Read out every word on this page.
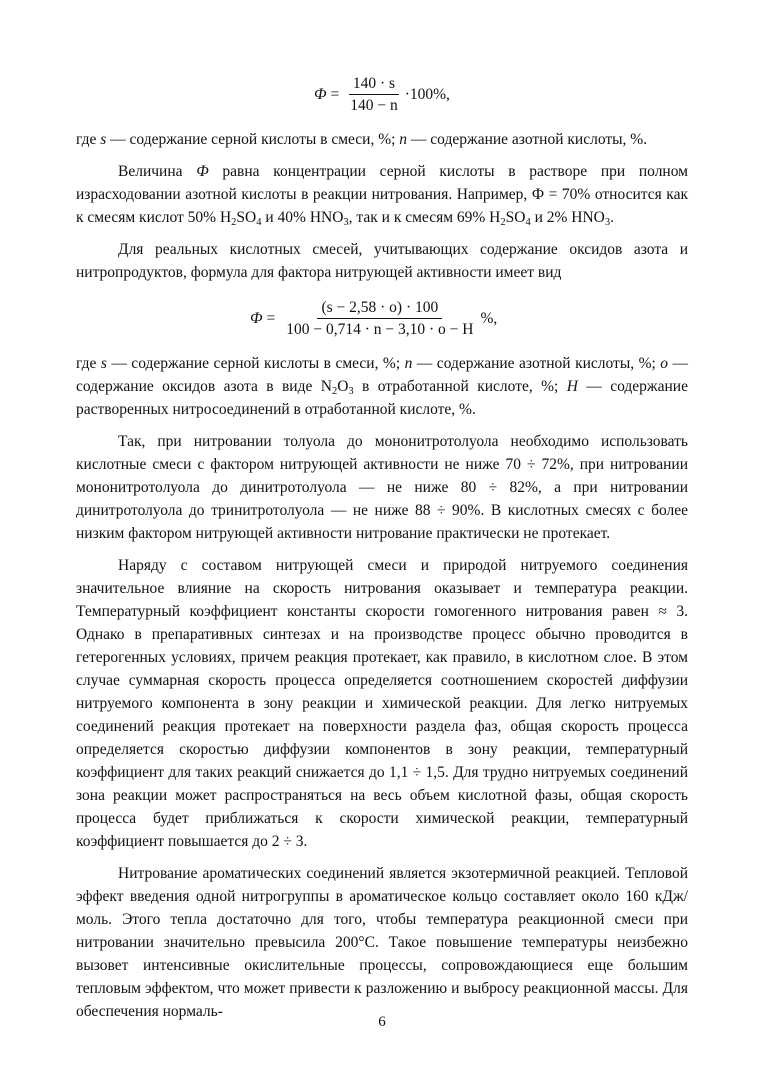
$Ф = \frac{140 \cdot s}{140 - n} \cdot 100\%$,

где s — содержание серной кислоты в смеси, %; n — содержание азотной кислоты, %.

Величина Ф равна концентрации серной кислоты в растворе при полном израсходовании азотной кислоты в реакции нитрования. Например, Ф = 70% относится как к смесям кислот 50% $H_2SO_4$ и 40% $HNO_3$, так и к смесям 69% $H_2SO_4$ и 2% $HNO_3$.

Для реальных кислотных смесей, учитывающих содержание оксидов азота и нитропродуктов, формула для фактора нитрующей активности имеет вид

$Ф = \frac{(s - 2,58 \cdot o) \cdot 100}{100 - 0,714 \cdot n - 3,10 \cdot o - H}$ %,

где s — содержание серной кислоты в смеси, %; n — содержание азотной кислоты, %; o — содержание оксидов азота в виде $N_2O_3$ в отработанной кислоте, %; H — содержание растворенных нитросоединений в отработанной кислоте, %.

Так, при нитровании толуола до мононитротолуола необходимо использовать кислотные смеси с фактором нитрующей активности не ниже 70 ÷ 72%, при нитровании мононитротолуола до динитротолуола — не ниже 80 ÷ 82%, а при нитровании динитротолуола до тринитротолуола — не ниже 88 ÷ 90%. В кислотных смесях с более низким фактором нитрующей активности нитрование практически не протекает.

Наряду с составом нитрующей смеси и природой нитруемого соединения значительное влияние на скорость нитрования оказывает и температура реакции. Температурный коэффициент константы скорости гомогенного нитрования равен ≈ 3. Однако в препаративных синтезах и на производстве процесс обычно проводится в гетерогенных условиях, причем реакция протекает, как правило, в кислотном слое. В этом случае суммарная скорость процесса определяется соотношением скоростей диффузии нитруемого компонента в зону реакции и химической реакции. Для легко нитруемых соединений реакция протекает на поверхности раздела фаз, общая скорость процесса определяется скоростью диффузии компонентов в зону реакции, температурный коэффициент для таких реакций снижается до 1,1 ÷ 1,5. Для трудно нитруемых соединений зона реакции может распространяться на весь объем кислотной фазы, общая скорость процесса будет приближаться к скорости химической реакции, температурный коэффициент повышается до 2 ÷ 3.

Нитрование ароматических соединений является экзотермичной реакцией. Тепловой эффект введения одной нитрогруппы в ароматическое кольцо составляет около 160 кДж/моль. Этого тепла достаточно для того, чтобы температура реакционной смеси при нитровании значительно превысила 200°С. Такое повышение температуры неизбежно вызовет интенсивные окислительные процессы, сопровождающиеся еще большим тепловым эффектом, что может привести к разложению и выбросу реакционной массы. Для обеспечения нормаль-

6
